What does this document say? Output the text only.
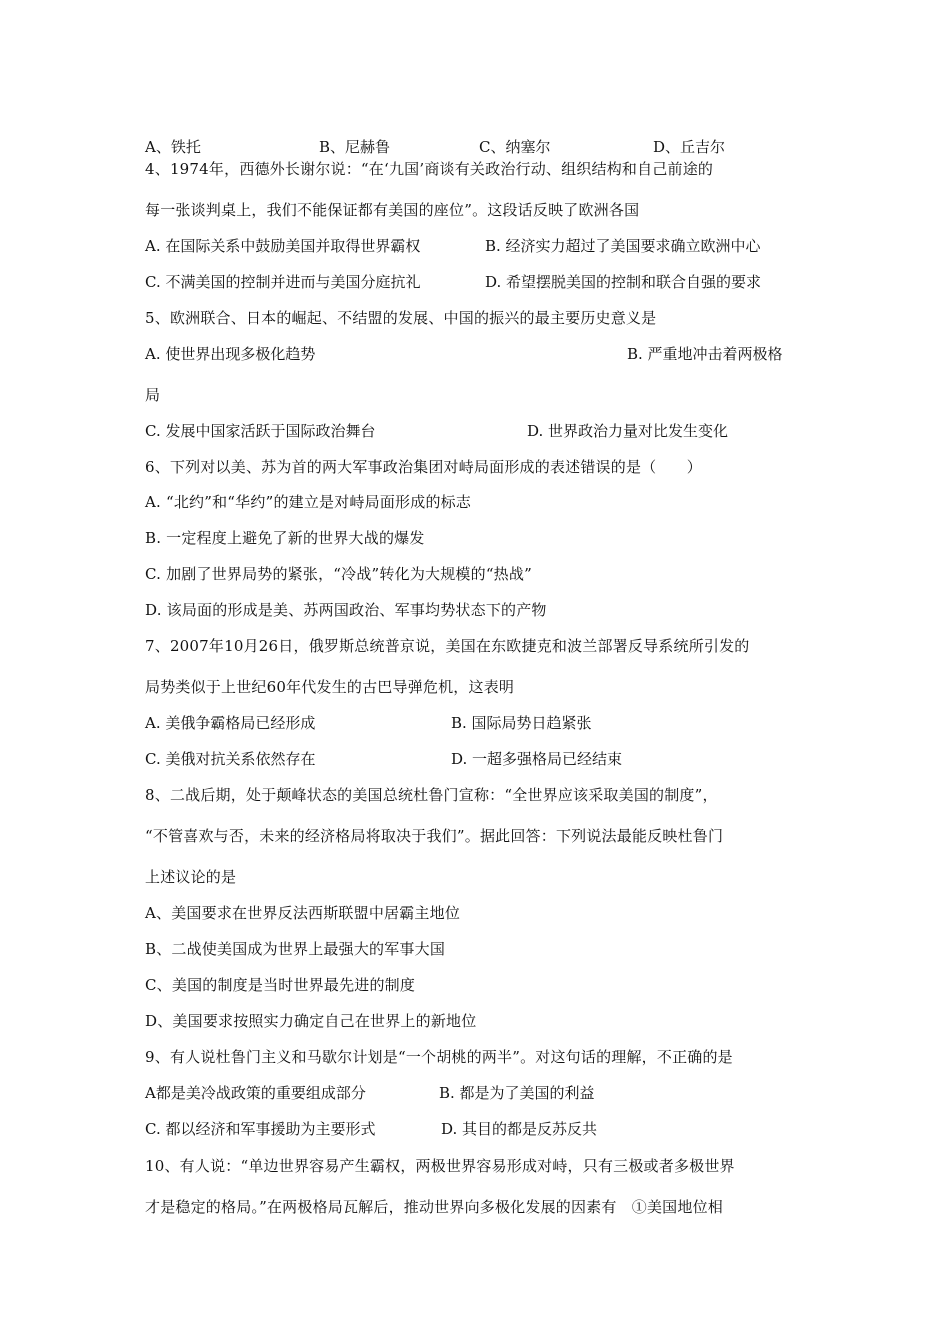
A、铁托	B、尼赫鲁	C、纳塞尔	D、丘吉尔
4、1974年，西德外长谢尔说：“在‘九国’商谈有关政治行动、组织结构和自己前途的
每一张谈判桌上，我们不能保证都有美国的座位”。这段话反映了欧洲各国
A. 在国际关系中鼓励美国并取得世界霸权	B. 经济实力超过了美国要求确立欧洲中心
C. 不满美国的控制并进而与美国分庭抗礼	D. 希望摆脱美国的控制和联合自强的要求
5、欧洲联合、日本的崛起、不结盟的发展、中国的振兴的最主要历史意义是
A. 使世界出现多极化趋势	B. 严重地冲击着两极格
局
C. 发展中国家活跃于国际政治舞台	D. 世界政治力量对比发生变化
6、下列对以美、苏为首的两大军事政治集团对峙局面形成的表述错误的是（　　）
A. “北约”和“华约”的建立是对峙局面形成的标志
B. 一定程度上避免了新的世界大战的爆发
C. 加剧了世界局势的紧张，“冷战”转化为大规模的“热战”
D. 该局面的形成是美、苏两国政治、军事均势状态下的产物
7、2007年10月26日，俄罗斯总统普京说，美国在东欧捷克和波兰部署反导系统所引发的
局势类似于上世纪60年代发生的古巴导弹危机，这表明
A. 美俄争霸格局已经形成	B. 国际局势日趋紧张
C. 美俄对抗关系依然存在	D. 一超多强格局已经结束
8、二战后期，处于颠峰状态的美国总统杜鲁门宣称：“全世界应该采取美国的制度”，
“不管喜欢与否，未来的经济格局将取决于我们”。据此回答：下列说法最能反映杜鲁门
上述议论的是
A、美国要求在世界反法西斯联盟中居霸主地位
B、二战使美国成为世界上最强大的军事大国
C、美国的制度是当时世界最先进的制度
D、美国要求按照实力确定自己在世界上的新地位
9、有人说杜鲁门主义和马歇尔计划是“一个胡桃的两半”。对这句话的理解，不正确的是
A都是美冷战政策的重要组成部分	B. 都是为了美国的利益
C. 都以经济和军事援助为主要形式	D. 其目的都是反苏反共
10、有人说：“单边世界容易产生霸权，两极世界容易形成对峙，只有三极或者多极世界
才是稳定的格局。”在两极格局瓦解后，推动世界向多极化发展的因素有　①美国地位相
